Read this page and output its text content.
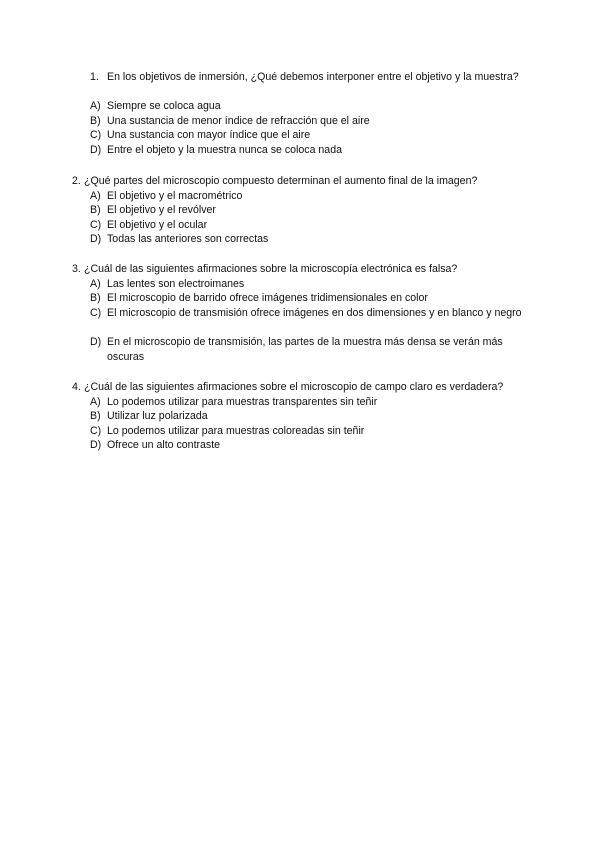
1. En los objetivos de inmersión, ¿Qué debemos interponer entre el objetivo y la muestra?
A) Siempre se coloca agua
B) Una sustancia de menor índice de refracción que el aire
C) Una sustancia con mayor índice que el aire
D) Entre el objeto y la muestra nunca se coloca nada
2. ¿Qué partes del microscopio compuesto determinan el aumento final de la imagen?
A) El objetivo y el macrométrico
B) El objetivo y el revólver
C) El objetivo y el ocular
D) Todas las anteriores son correctas
3. ¿Cuál de las siguientes afirmaciones sobre la microscopía electrónica es falsa?
A) Las lentes son electroimanes
B) El microscopio de barrido ofrece imágenes tridimensionales en color
C) El microscopio de transmisión ofrece imágenes en dos dimensiones y en blanco y negro
D) En el microscopio de transmisión, las partes de la muestra más densa se verán más oscuras
4. ¿Cuál de las siguientes afirmaciones sobre el microscopio de campo claro es verdadera?
A) Lo podemos utilizar para muestras transparentes sin teñir
B) Utilizar luz polarizada
C) Lo podemos utilizar para muestras coloreadas sin teñir
D) Ofrece un alto contraste
